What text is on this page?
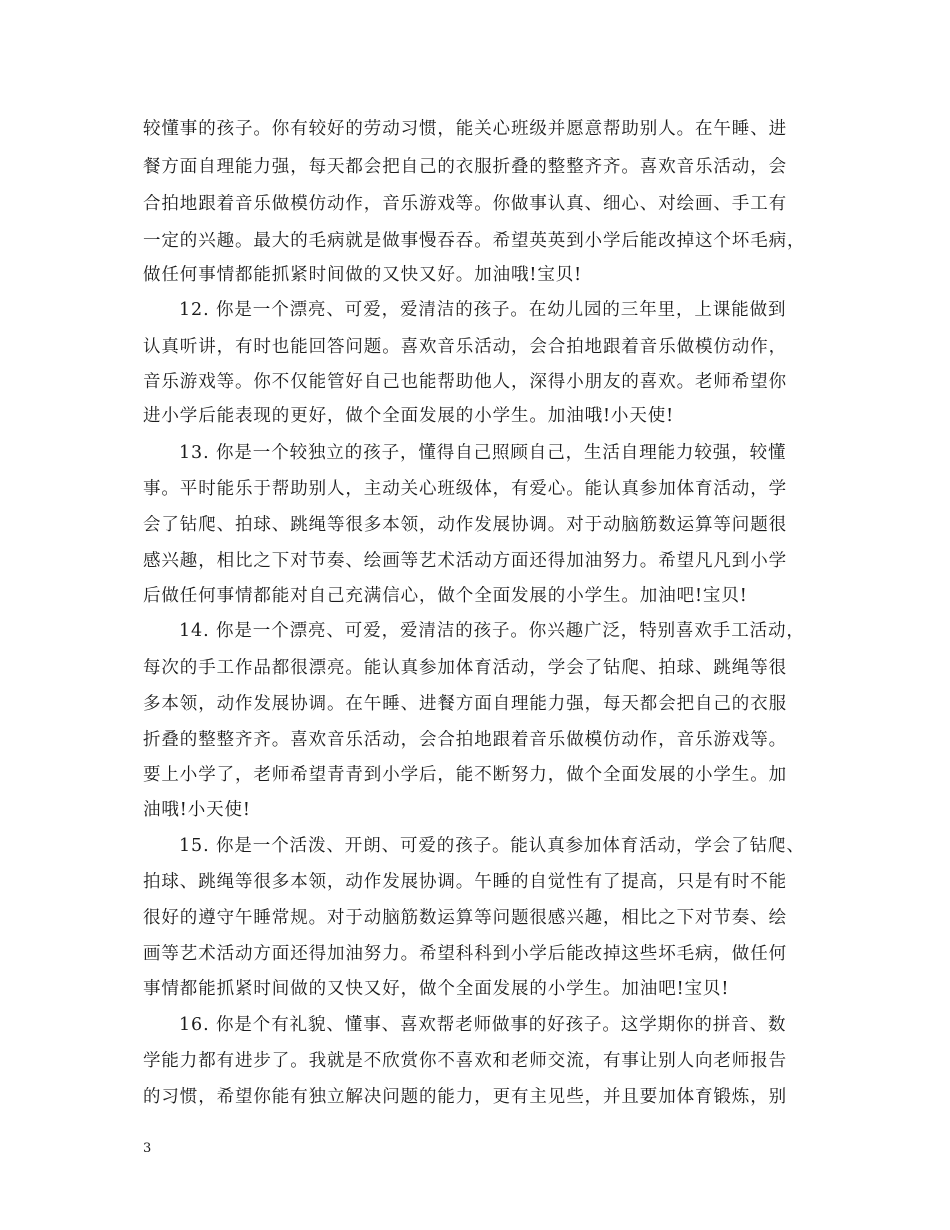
较懂事的孩子。你有较好的劳动习惯，能关心班级并愿意帮助别人。在午睡、进
餐方面自理能力强，每天都会把自己的衣服折叠的整整齐齐。喜欢音乐活动，会
合拍地跟着音乐做模仿动作，音乐游戏等。你做事认真、细心、对绘画、手工有
一定的兴趣。最大的毛病就是做事慢吞吞。希望英英到小学后能改掉这个坏毛病，
做任何事情都能抓紧时间做的又快又好。加油哦!宝贝!
12. 你是一个漂亮、可爱，爱清洁的孩子。在幼儿园的三年里，上课能做到
认真听讲，有时也能回答问题。喜欢音乐活动，会合拍地跟着音乐做模仿动作，
音乐游戏等。你不仅能管好自己也能帮助他人，深得小朋友的喜欢。老师希望你
进小学后能表现的更好，做个全面发展的小学生。加油哦!小天使!
13. 你是一个较独立的孩子，懂得自己照顾自己，生活自理能力较强，较懂
事。平时能乐于帮助别人，主动关心班级体，有爱心。能认真参加体育活动，学
会了钻爬、拍球、跳绳等很多本领，动作发展协调。对于动脑筋数运算等问题很
感兴趣，相比之下对节奏、绘画等艺术活动方面还得加油努力。希望凡凡到小学
后做任何事情都能对自己充满信心，做个全面发展的小学生。加油吧!宝贝!
14. 你是一个漂亮、可爱，爱清洁的孩子。你兴趣广泛，特别喜欢手工活动，
每次的手工作品都很漂亮。能认真参加体育活动，学会了钻爬、拍球、跳绳等很
多本领，动作发展协调。在午睡、进餐方面自理能力强，每天都会把自己的衣服
折叠的整整齐齐。喜欢音乐活动，会合拍地跟着音乐做模仿动作，音乐游戏等。
要上小学了，老师希望青青到小学后，能不断努力，做个全面发展的小学生。加
油哦!小天使!
15. 你是一个活泼、开朗、可爱的孩子。能认真参加体育活动，学会了钻爬、
拍球、跳绳等很多本领，动作发展协调。午睡的自觉性有了提高，只是有时不能
很好的遵守午睡常规。对于动脑筋数运算等问题很感兴趣，相比之下对节奏、绘
画等艺术活动方面还得加油努力。希望科科到小学后能改掉这些坏毛病，做任何
事情都能抓紧时间做的又快又好，做个全面发展的小学生。加油吧!宝贝!
16. 你是个有礼貌、懂事、喜欢帮老师做事的好孩子。这学期你的拼音、数
学能力都有进步了。我就是不欣赏你不喜欢和老师交流，有事让别人向老师报告
的习惯，希望你能有独立解决问题的能力，更有主见些，并且要加体育锻炼，别
3
